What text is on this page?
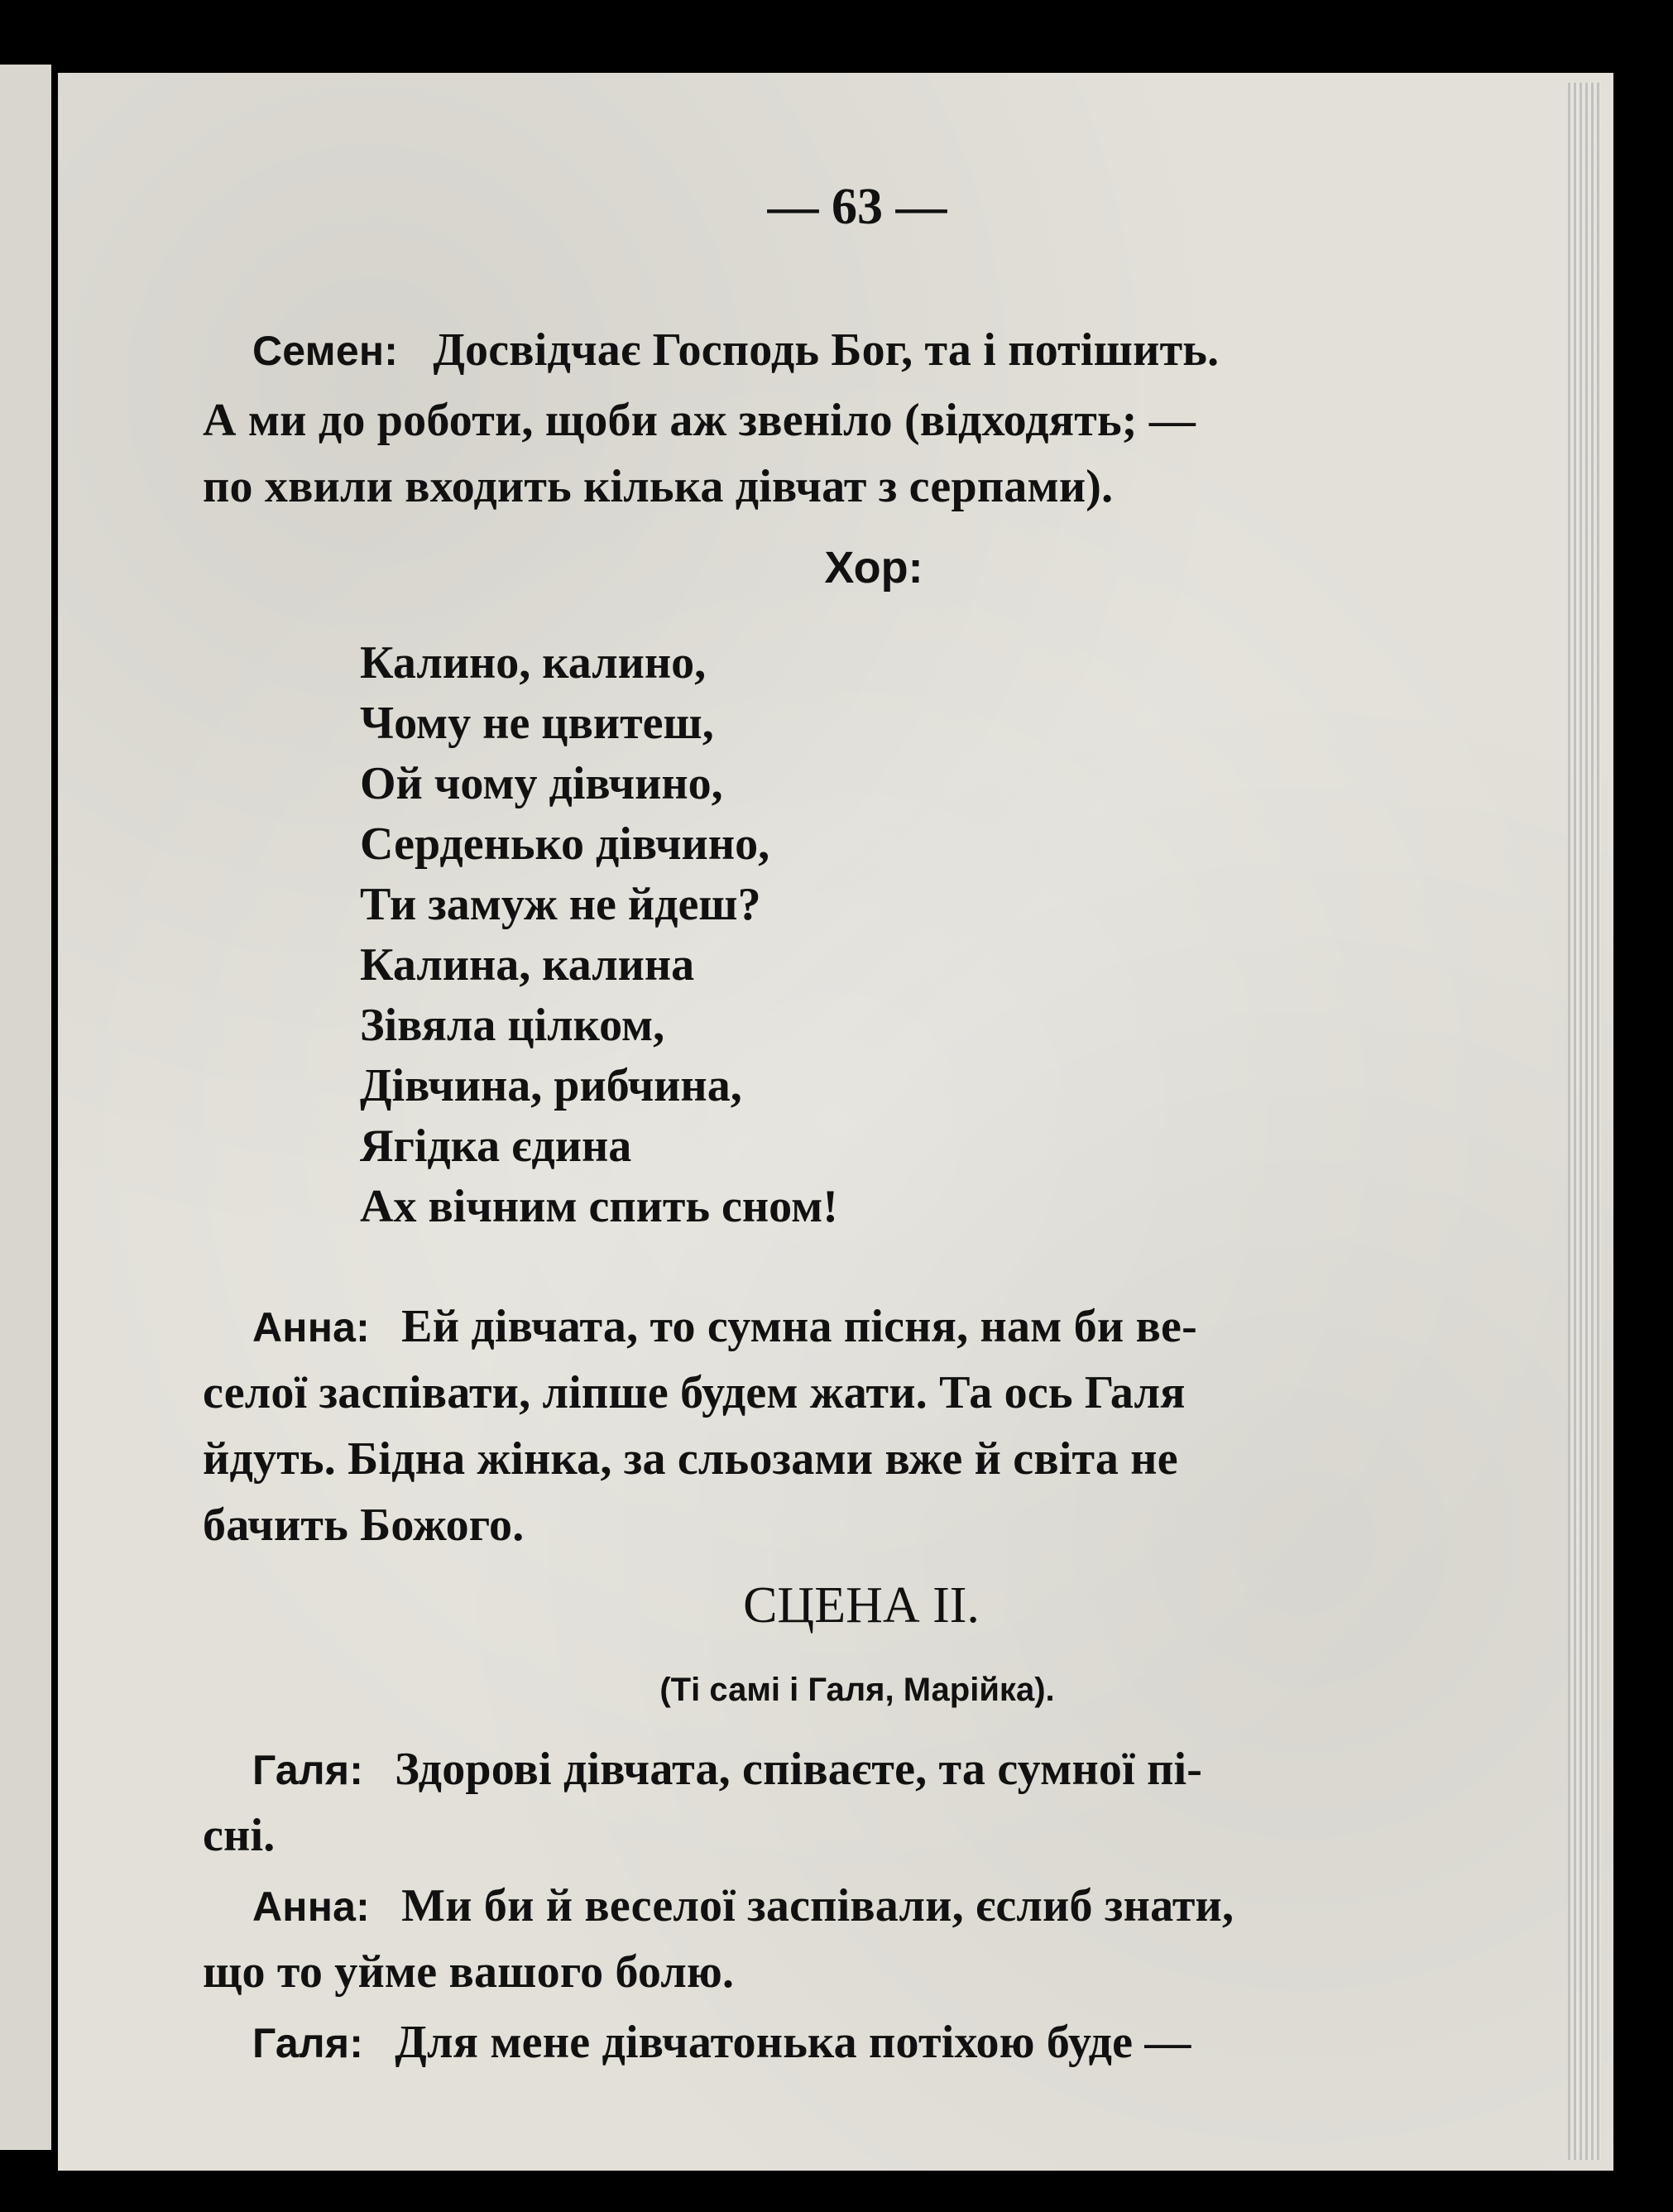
— 63 —
Семен: Досвідчає Господь Бог, та і потішить.
А ми до роботи, щоби аж звеніло (відходять; —
по хвили входить кілька дівчат з серпами).
Хор:
Калино, калино,
Чому не цвитеш,
Ой чому дівчино,
Серденько дівчино,
Ти замуж не йдеш?
Калина, калина
Зівяла цілком,
Дівчина, рибчина,
Ягідка єдина
Ах вічним спить сном!
Анна: Ей дівчата, то сумна пісня, нам би ве-
селої заспівати, ліпше будем жати. Та ось Галя
йдуть. Бідна жінка, за сльозами вже й світа не
бачить Божого.
СЦЕНА II.
(Ті самі і Галя, Марійка).
Галя: Здорові дівчата, співаєте, та сумної пі-
сні.
Анна: Ми би й веселої заспівали, єслиб знати,
що то уйме вашого болю.
Галя: Для мене дівчатонька потіхою буде —
